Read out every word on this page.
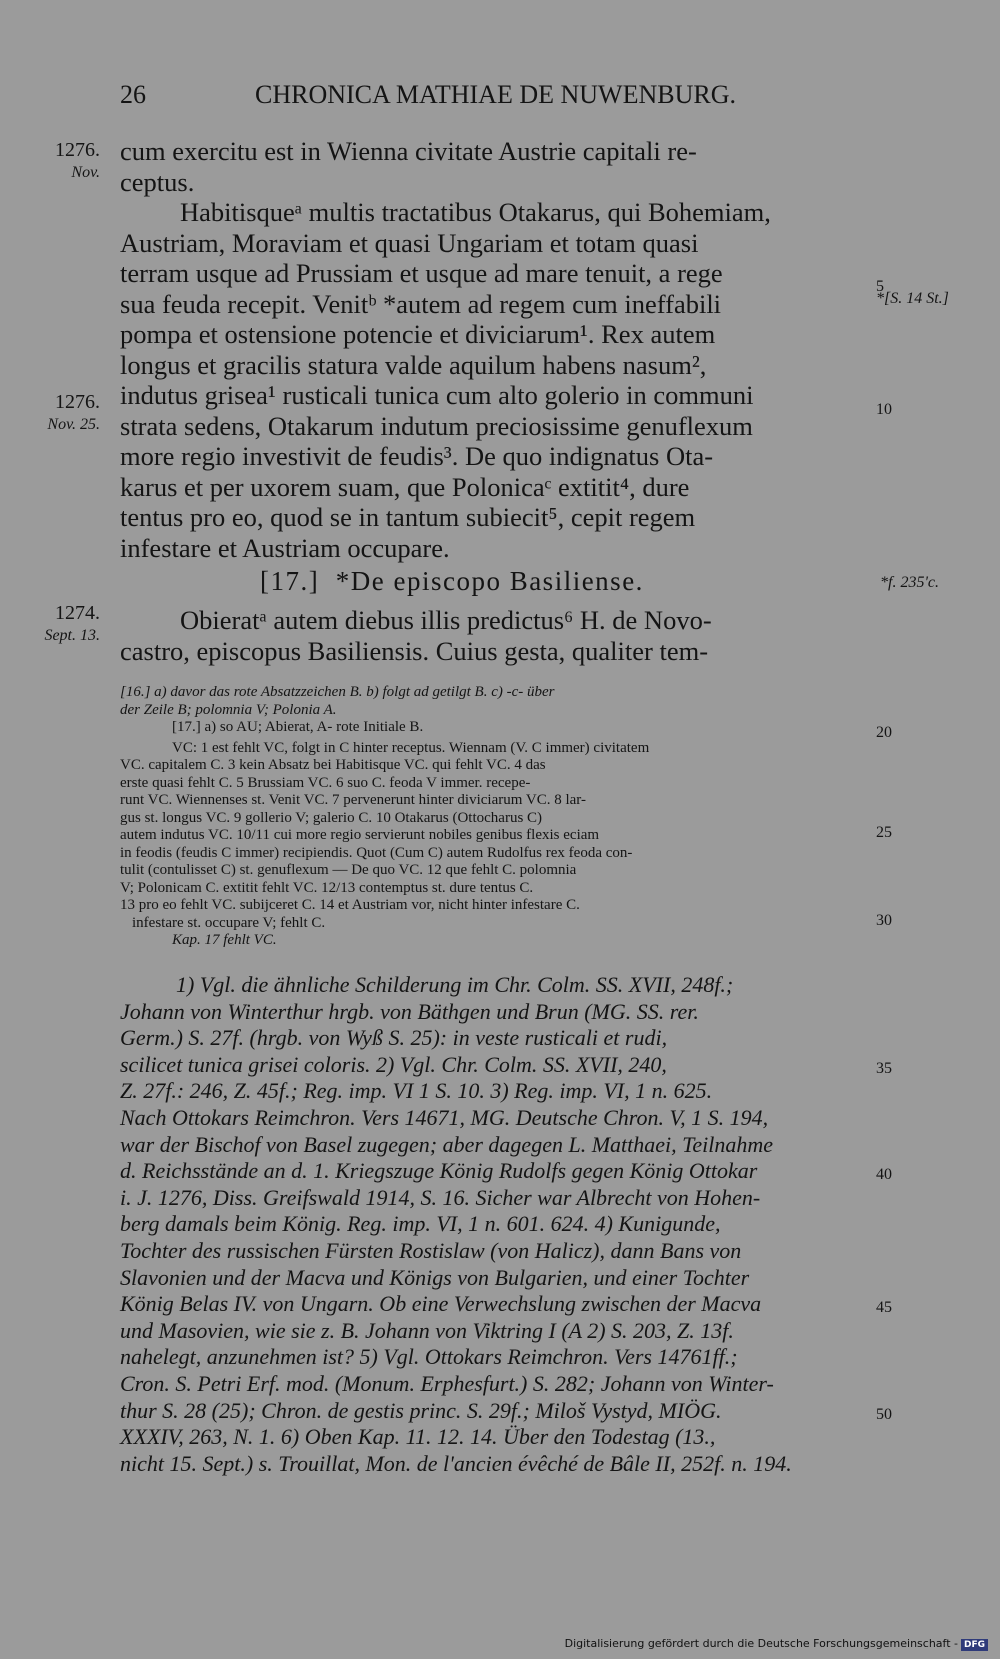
26	CHRONICA MATHIAE DE NUWENBURG.
1276.
Nov.
1276.
Nov. 25.
1274.
Sept. 13.
cum exercitu est in Wienna civitate Austrie capitali re-
ceptus.
Habitisqueᵃ multis tractatibus Otakarus, qui Bohemiam,
Austriam, Moraviam et quasi Ungariam et totam quasi
terram usque ad Prussiam et usque ad mare tenuit, a rege
sua feuda recepit. Venitᵇ *autem ad regem cum ineffabili
pompa et ostensione potencie et diviciarum¹. Rex autem
longus et gracilis statura valde aquilum habens nasum²,
indutus grisea¹ rusticali tunica cum alto golerio in communi
strata sedens, Otakarum indutum preciosissime genuflexum
more regio investivit de feudis³. De quo indignatus Ota-
karus et per uxorem suam, que Polonicaᶜ extitit⁴, dure
tentus pro eo, quod se in tantum subiecit⁵, cepit regem
infestare et Austriam occupare.
5
*[S. 14 St.]
10
[17.] *De episcopo Basiliense.	*f. 235'c.
Obieratᵃ autem diebus illis predictus⁶ H. de Novo-
castro, episcopus Basiliensis. Cuius gesta, qualiter tem-
[16.] a) davor das rote Absatzzeichen B. b) folgt ad getilgt B. c) -c- über
der Zeile B; polomnia V; Polonia A.
[17.] a) so AU; Abierat, A- rote Initiale B.
VC: 1 est fehlt VC, folgt in C hinter receptus. Wiennam (V. C immer) civitatem
VC. capitalem C. 3 kein Absatz bei Habitisque VC. qui fehlt VC. 4 das
erste quasi fehlt C. 5 Brussiam VC. 6 suo C. feoda V immer. recepe-
runt VC. Wiennenses st. Venit VC. 7 pervenerunt hinter diviciarum VC. 8 lar-
gus st. longus VC. 9 gollerio V; galerio C. 10 Otakarus (Ottocharus C)
autem indutus VC. 10/11 cui more regio servierunt nobiles genibus flexis eciam
in feodis (feudis C immer) recipiendis. Quot (Cum C) autem Rudolfus rex feoda con-
tulit (contulisset C) st. genuflexum — De quo VC. 12 que fehlt C. polomnia
V; Polonicam C. extitit fehlt VC. 12/13 contemptus st. dure tentus C.
13 pro eo fehlt VC. subijceret C. 14 et Austriam vor, nicht hinter infestare C.
infestare st. occupare V; fehlt C.
Kap. 17 fehlt VC.
20
25
30
1) Vgl. die ähnliche Schilderung im Chr. Colm. SS. XVII, 248f.;
Johann von Winterthur hrgb. von Bäthgen und Brun (MG. SS. rer.
Germ.) S. 27f. (hrgb. von Wyß S. 25): in veste rusticali et rudi,
scilicet tunica grisei coloris. 2) Vgl. Chr. Colm. SS. XVII, 240,
Z. 27f.: 246, Z. 45f.; Reg. imp. VI 1 S. 10. 3) Reg. imp. VI, 1 n. 625.
Nach Ottokars Reimchron. Vers 14671, MG. Deutsche Chron. V, 1 S. 194,
war der Bischof von Basel zugegen; aber dagegen L. Matthaei, Teilnahme
d. Reichsstände an d. 1. Kriegszuge König Rudolfs gegen König Ottokar
i. J. 1276, Diss. Greifswald 1914, S. 16. Sicher war Albrecht von Hohen-
berg damals beim König. Reg. imp. VI, 1 n. 601. 624. 4) Kunigunde,
Tochter des russischen Fürsten Rostislaw (von Halicz), dann Bans von
Slavonien und der Macva und Königs von Bulgarien, und einer Tochter
König Belas IV. von Ungarn. Ob eine Verwechslung zwischen der Macva
und Masovien, wie sie z. B. Johann von Viktring I (A 2) S. 203, Z. 13f.
nahelegt, anzunehmen ist? 5) Vgl. Ottokars Reimchron. Vers 14761ff.;
Cron. S. Petri Erf. mod. (Monum. Erphesfurt.) S. 282; Johann von Winter-
thur S. 28 (25); Chron. de gestis princ. S. 29f.; Miloš Vystyd, MIÖG.
XXXIV, 263, N. 1. 6) Oben Kap. 11. 12. 14. Über den Todestag (13.,
nicht 15. Sept.) s. Trouillat, Mon. de l'ancien évêché de Bâle II, 252f. n. 194.
35
40
45
50
Digitalisierung gefördert durch die Deutsche Forschungsgemeinschaft - DFG
